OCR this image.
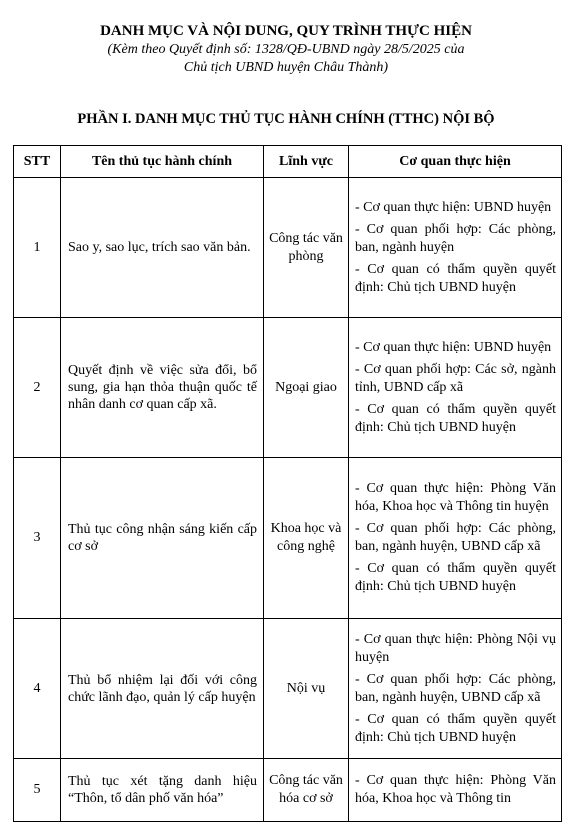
DANH MỤC VÀ NỘI DUNG, QUY TRÌNH THỰC HIỆN
(Kèm theo Quyết định số: 1328/QĐ-UBND ngày 28/5/2025 của
Chủ tịch UBND huyện Châu Thành)
PHẦN I. DANH MỤC THỦ TỤC HÀNH CHÍNH (TTHC) NỘI BỘ
STT	Tên thủ tục hành chính	Lĩnh vực	Cơ quan thực hiện
1	Sao y, sao lục, trích sao văn bản.	Công tác văn phòng	- Cơ quan thực hiện: UBND huyện
- Cơ quan phối hợp: Các phòng, ban, ngành huyện
- Cơ quan có thẩm quyền quyết định: Chủ tịch UBND huyện

2	Quyết định về việc sửa đổi, bổ sung, gia hạn thỏa thuận quốc tế nhân danh cơ quan cấp xã.	Ngoại giao	- Cơ quan thực hiện: UBND huyện
- Cơ quan phối hợp: Các sở, ngành tỉnh, UBND cấp xã
- Cơ quan có thẩm quyền quyết định: Chủ tịch UBND huyện

3	Thủ tục công nhận sáng kiến cấp cơ sở	Khoa học và công nghệ	- Cơ quan thực hiện: Phòng Văn hóa, Khoa học và Thông tin huyện
- Cơ quan phối hợp: Các phòng, ban, ngành huyện, UBND cấp xã
- Cơ quan có thẩm quyền quyết định: Chủ tịch UBND huyện

4	Thủ bổ nhiệm lại đối với công chức lãnh đạo, quản lý cấp huyện	Nội vụ	- Cơ quan thực hiện: Phòng Nội vụ huyện
- Cơ quan phối hợp: Các phòng, ban, ngành huyện, UBND cấp xã
- Cơ quan có thẩm quyền quyết định: Chủ tịch UBND huyện

5	Thủ tục xét tặng danh hiệu “Thôn, tổ dân phố văn hóa”	Công tác văn hóa cơ sở	- Cơ quan thực hiện: Phòng Văn hóa, Khoa học và Thông tin
